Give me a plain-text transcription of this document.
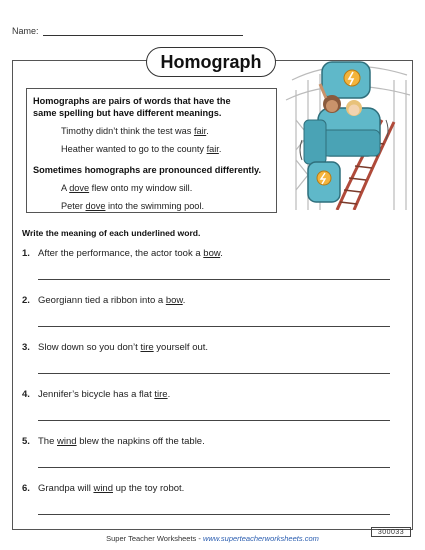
Name:
Homograph
Homographs are pairs of words that have the
same spelling but have different meanings.
Timothy didn’t think the test was fair.
Heather wanted to go to the county fair.
Sometimes homographs are pronounced differently.
A dove flew onto my window sill.
Peter dove into the swimming pool.
Write the meaning of each underlined word.
1. After the performance, the actor took a bow.
2. Georgiann tied a ribbon into a bow.
3. Slow down so you don’t tire yourself out.
4. Jennifer’s bicycle has a flat tire.
5. The wind blew the napkins off the table.
6. Grandpa will wind up the toy robot.
300033
Super Teacher Worksheets - www.superteacherworksheets.com
